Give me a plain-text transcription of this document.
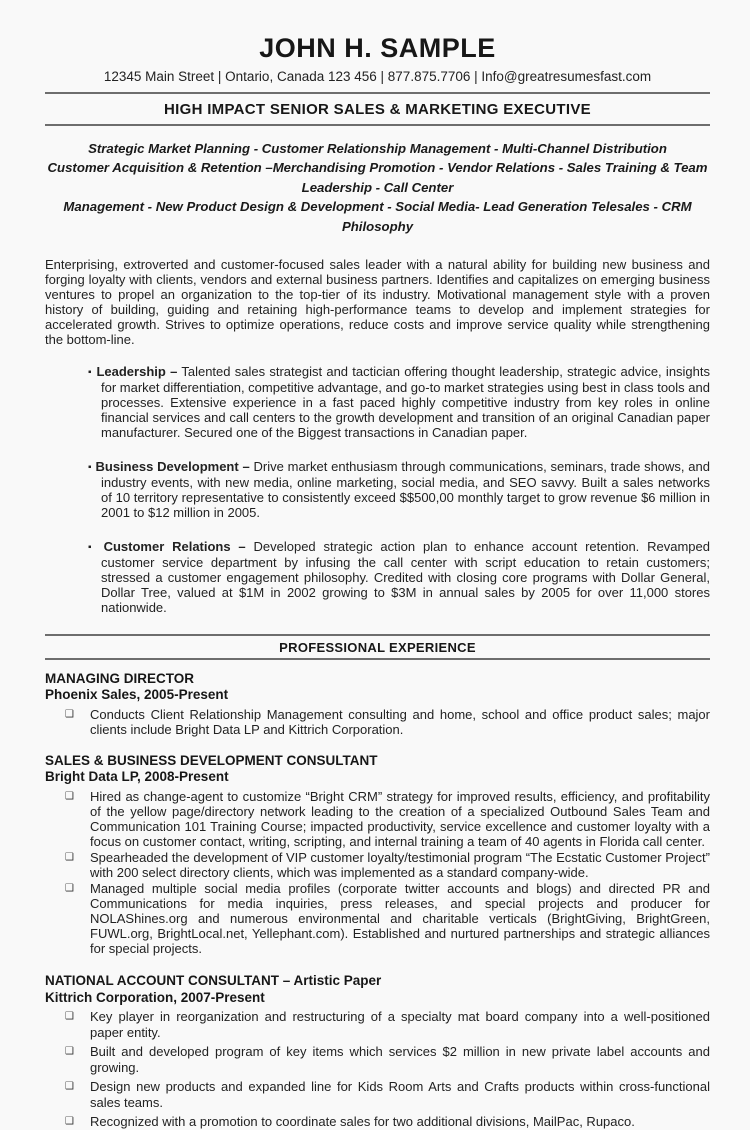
JOHN H. SAMPLE
12345 Main Street | Ontario, Canada 123 456 | 877.875.7706 | Info@greatresumesfast.com
HIGH IMPACT SENIOR SALES & MARKETING EXECUTIVE
Strategic Market Planning - Customer Relationship Management - Multi-Channel Distribution
Customer Acquisition & Retention –Merchandising Promotion - Vendor Relations - Sales Training & Team Leadership - Call Center
Management - New Product Design & Development - Social Media- Lead Generation Telesales - CRM Philosophy
Enterprising, extroverted and customer-focused sales leader with a natural ability for building new business and forging loyalty with clients, vendors and external business partners. Identifies and capitalizes on emerging business ventures to propel an organization to the top-tier of its industry. Motivational management style with a proven history of building, guiding and retaining high-performance teams to develop and implement strategies for accelerated growth. Strives to optimize operations, reduce costs and improve service quality while strengthening the bottom-line.
▪ Leadership – Talented sales strategist and tactician offering thought leadership, strategic advice, insights for market differentiation, competitive advantage, and go-to market strategies using best in class tools and processes. Extensive experience in a fast paced highly competitive industry from key roles in online financial services and call centers to the growth development and transition of an original Canadian paper manufacturer. Secured one of the Biggest transactions in Canadian paper.
▪ Business Development – Drive market enthusiasm through communications, seminars, trade shows, and industry events, with new media, online marketing, social media, and SEO savvy. Built a sales networks of 10 territory representative to consistently exceed $$500,00 monthly target to grow revenue $6 million in 2001 to $12 million in 2005.
▪ Customer Relations – Developed strategic action plan to enhance account retention. Revamped customer service department by infusing the call center with script education to retain customers; stressed a customer engagement philosophy. Credited with closing core programs with Dollar General, Dollar Tree, valued at $1M in 2002 growing to $3M in annual sales by 2005 for over 11,000 stores nationwide.
PROFESSIONAL EXPERIENCE
MANAGING DIRECTOR
Phoenix Sales, 2005-Present
❑	Conducts Client Relationship Management consulting and home, school and office product sales; major clients include Bright Data LP and Kittrich Corporation.
SALES & BUSINESS DEVELOPMENT CONSULTANT
Bright Data LP, 2008-Present
❑	Hired as change-agent to customize “Bright CRM” strategy for improved results, efficiency, and profitability of the yellow page/directory network leading to the creation of a specialized Outbound Sales Team and Communication 101 Training Course; impacted productivity, service excellence and customer loyalty with a focus on customer contact, writing, scripting, and internal training a team of 40 agents in Florida call center.
❑	Spearheaded the development of VIP customer loyalty/testimonial program “The Ecstatic Customer Project” with 200 select directory clients, which was implemented as a standard company-wide.
❑	Managed multiple social media profiles (corporate twitter accounts and blogs) and directed PR and Communications for media inquiries, press releases, and special projects and producer for NOLAShines.org and numerous environmental and charitable verticals (BrightGiving, BrightGreen, FUWL.org, BrightLocal.net, Yellephant.com). Established and nurtured partnerships and strategic alliances for special projects.
NATIONAL ACCOUNT CONSULTANT – Artistic Paper
Kittrich Corporation, 2007-Present
❑	Key player in reorganization and restructuring of a specialty mat board company into a well-positioned paper entity.
❑	Built and developed program of key items which services $2 million in new private label accounts and growing.
❑	Design new products and expanded line for Kids Room Arts and Crafts products within cross-functional sales teams.
❑	Recognized with a promotion to coordinate sales for two additional divisions, MailPac, Rupaco.
